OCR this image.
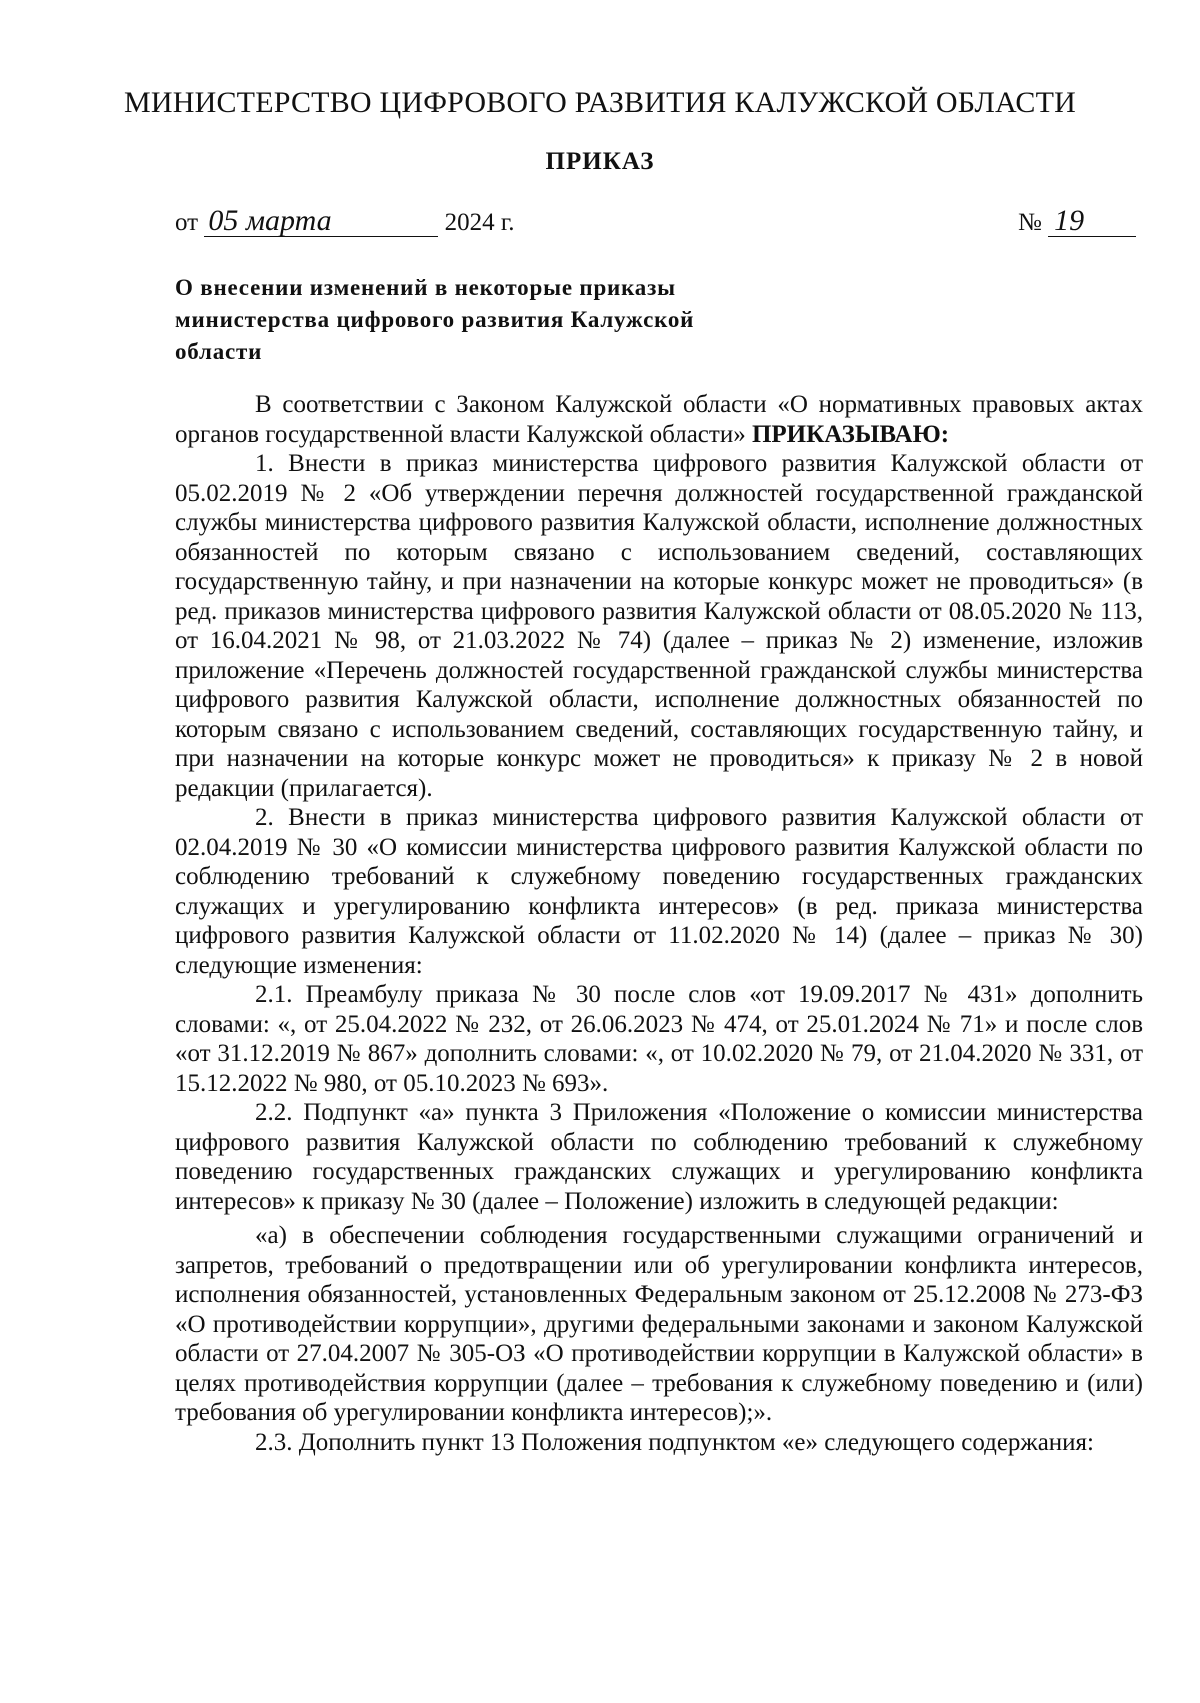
МИНИСТЕРСТВО ЦИФРОВОГО РАЗВИТИЯ КАЛУЖСКОЙ ОБЛАСТИ
ПРИКАЗ
от 05 марта	2024 г.	№ 19
О внесении изменений в некоторые приказы министерства цифрового развития Калужской области

В соответствии с Законом Калужской области «О нормативных правовых актах органов государственной власти Калужской области» ПРИКАЗЫВАЮ:

1. Внести в приказ министерства цифрового развития Калужской области от 05.02.2019 № 2 «Об утверждении перечня должностей государственной гражданской службы министерства цифрового развития Калужской области, исполнение должностных обязанностей по которым связано с использованием сведений, составляющих государственную тайну, и при назначении на которые конкурс может не проводиться» (в ред. приказов министерства цифрового развития Калужской области от 08.05.2020 № 113, от 16.04.2021 № 98, от 21.03.2022 № 74) (далее – приказ № 2) изменение, изложив приложение «Перечень должностей государственной гражданской службы министерства цифрового развития Калужской области, исполнение должностных обязанностей по которым связано с использованием сведений, составляющих государственную тайну, и при назначении на которые конкурс может не проводиться» к приказу № 2 в новой редакции (прилагается).

2. Внести в приказ министерства цифрового развития Калужской области от 02.04.2019 № 30 «О комиссии министерства цифрового развития Калужской области по соблюдению требований к служебному поведению государственных гражданских служащих и урегулированию конфликта интересов» (в ред. приказа министерства цифрового развития Калужской области от 11.02.2020 № 14) (далее – приказ № 30) следующие изменения:

2.1. Преамбулу приказа № 30 после слов «от 19.09.2017 № 431» дополнить словами: «, от 25.04.2022 № 232, от 26.06.2023 № 474, от 25.01.2024 № 71» и после слов «от 31.12.2019 № 867» дополнить словами: «, от 10.02.2020 № 79, от 21.04.2020 № 331, от 15.12.2022 № 980, от 05.10.2023 № 693».

2.2. Подпункт «а» пункта 3 Приложения «Положение о комиссии министерства цифрового развития Калужской области по соблюдению требований к служебному поведению государственных гражданских служащих и урегулированию конфликта интересов» к приказу № 30 (далее – Положение) изложить в следующей редакции:

«а) в обеспечении соблюдения государственными служащими ограничений и запретов, требований о предотвращении или об урегулировании конфликта интересов, исполнения обязанностей, установленных Федеральным законом от 25.12.2008 № 273-ФЗ «О противодействии коррупции», другими федеральными законами и законом Калужской области от 27.04.2007 № 305-ОЗ «О противодействии коррупции в Калужской области» в целях противодействия коррупции (далее – требования к служебному поведению и (или) требования об урегулировании конфликта интересов);».

2.3. Дополнить пункт 13 Положения подпунктом «е» следующего содержания:
